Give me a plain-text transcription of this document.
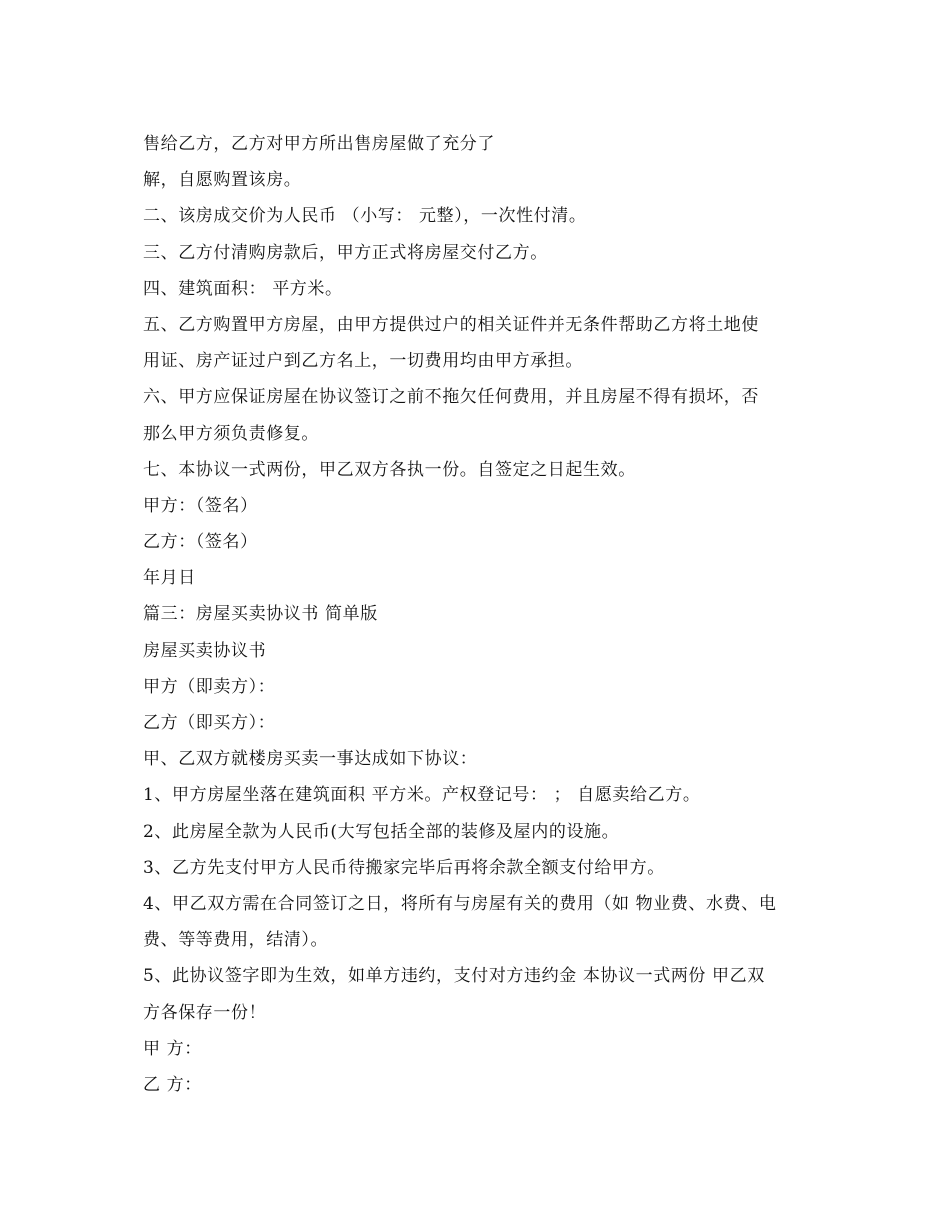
售给乙方，乙方对甲方所出售房屋做了充分了
解，自愿购置该房。
二、该房成交价为人民币 （小写： 元整），一次性付清。
三、乙方付清购房款后，甲方正式将房屋交付乙方。
四、建筑面积： 平方米。
五、乙方购置甲方房屋，由甲方提供过户的相关证件并无条件帮助乙方将土地使
用证、房产证过户到乙方名上，一切费用均由甲方承担。
六、甲方应保证房屋在协议签订之前不拖欠任何费用，并且房屋不得有损坏，否
那么甲方须负责修复。
七、本协议一式两份，甲乙双方各执一份。自签定之日起生效。
甲方：（签名）
乙方：（签名）
年月日
篇三：房屋买卖协议书 简单版
房屋买卖协议书
甲方（即卖方）：
乙方（即买方）：
甲、乙双方就楼房买卖一事达成如下协议：
1、甲方房屋坐落在建筑面积 平方米。产权登记号： ； 自愿卖给乙方。
2、此房屋全款为人民币(大写包括全部的装修及屋内的设施。
3、乙方先支付甲方人民币待搬家完毕后再将余款全额支付给甲方。
4、甲乙双方需在合同签订之日，将所有与房屋有关的费用（如 物业费、水费、电
费、等等费用，结清）。
5、此协议签字即为生效，如单方违约，支付对方违约金 本协议一式两份 甲乙双
方各保存一份！
甲 方：
乙 方：
